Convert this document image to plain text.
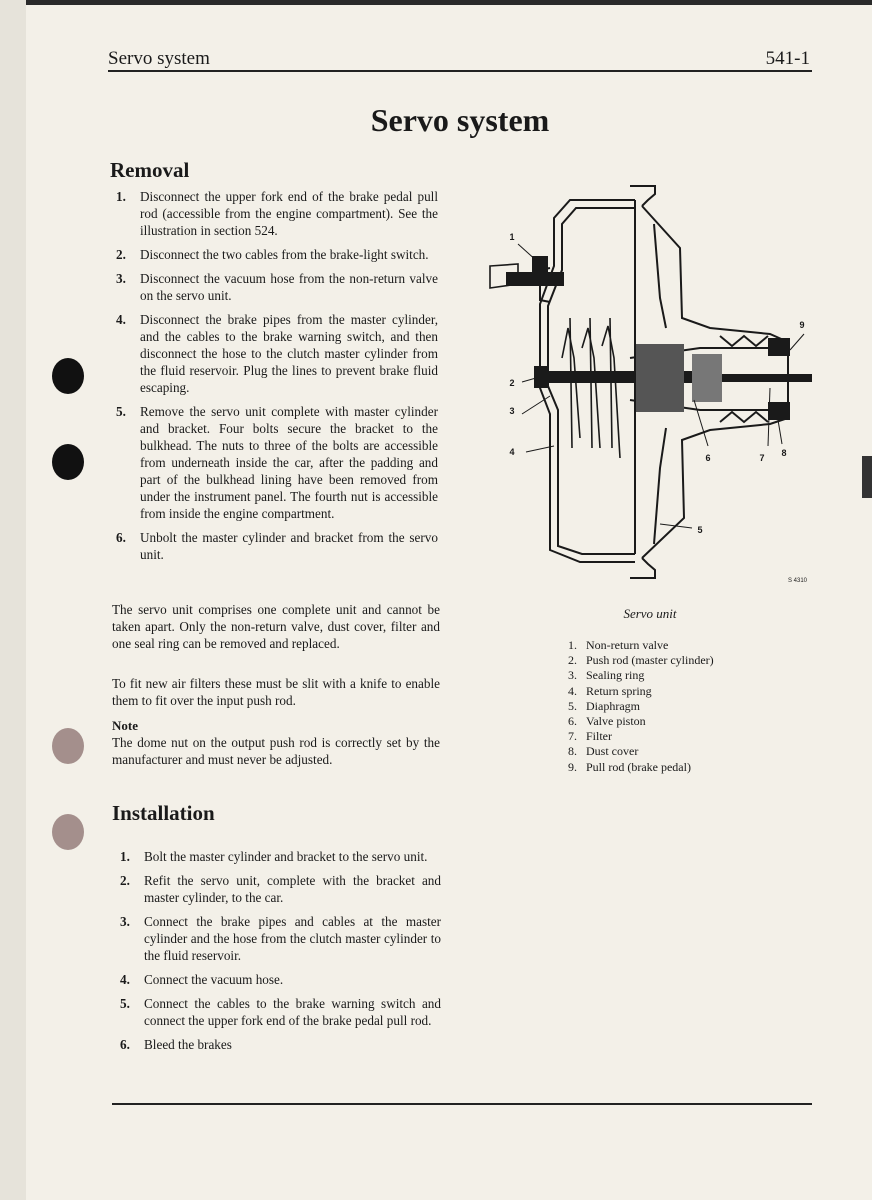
Servo system	541-1
Servo system
Removal
1. Disconnect the upper fork end of the brake pedal pull rod (accessible from the engine compartment). See the illustration in section 524.
2. Disconnect the two cables from the brake-light switch.
3. Disconnect the vacuum hose from the non-return valve on the servo unit.
4. Disconnect the brake pipes from the master cylinder, and the cables to the brake warning switch, and then disconnect the hose to the clutch master cylinder from the fluid reservoir. Plug the lines to prevent brake fluid escaping.
5. Remove the servo unit complete with master cylinder and bracket. Four bolts secure the bracket to the bulkhead. The nuts to three of the bolts are accessible from underneath inside the car, after the padding and part of the bulkhead lining have been removed from under the instrument panel. The fourth nut is accessible from inside the engine compartment.
6. Unbolt the master cylinder and bracket from the servo unit.

The servo unit comprises one complete unit and cannot be taken apart. Only the non-return valve, dust cover, filter and one seal ring can be removed and replaced.

To fit new air filters these must be slit with a knife to enable them to fit over the input push rod.

Note

The dome nut on the output push rod is correctly set by the manufacturer and must never be adjusted.

Installation
1. Bolt the master cylinder and bracket to the servo unit.
2. Refit the servo unit, complete with the bracket and master cylinder, to the car.
3. Connect the brake pipes and cables at the master cylinder and the hose from the clutch master cylinder to the fluid reservoir.
4. Connect the vacuum hose.
5. Connect the cables to the brake warning switch and connect the upper fork end of the brake pedal pull rod.
6. Bleed the brakes
1
2
3
4
5
6	7 8
9
S 4310
Servo unit
1. Non-return valve
2. Push rod (master cylinder)
3. Sealing ring
4. Return spring
5. Diaphragm
6. Valve piston
7. Filter
8. Dust cover
9. Pull rod (brake pedal)
